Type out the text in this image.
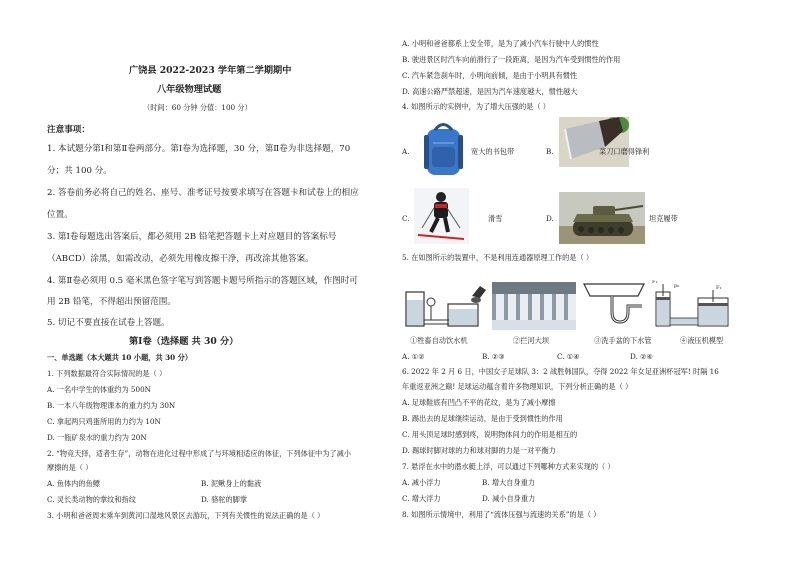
广饶县 2022-2023 学年第二学期期中
八年级物理试题
（时间：60 分钟 分值：100 分）
注意事项：
1. 本试题分第Ⅰ和第Ⅱ卷两部分。第Ⅰ卷为选择题，30 分，第Ⅱ卷为非选择题，70
分；共 100 分。
2. 答卷前务必将自己的姓名、座号、准考证号按要求填写在答题卡和试卷上的相应
位置。
3. 第Ⅰ卷每题选出答案后，都必须用 2B 铅笔把答题卡上对应题目的答案标号
（ABCD）涂黑，如需改动，必须先用橡皮擦干净，再改涂其他答案。
4. 第Ⅱ卷必须用 0.5 毫米黑色签字笔写到答题卡题号所指示的答题区域，作图时可
用 2B 铅笔，不得超出预留范围。
5. 切记不要直接在试卷上答题。
第Ⅰ卷（选择题 共 30 分）
一、单选题（本大题共 10 小题，共 30 分）
1. 下列数据最符合实际情况的是（ ）
A. 一名中学生的体重约为 500N
B. 一本八年级物理课本的重力约为 30N
C. 拿起两只鸡蛋所用的力约为 10N
D. 一瓶矿泉水的重力约为 20N
2. “物竞天择，适者生存”，动物在进化过程中形成了与环境相适应的体征，下列体征中为了减小
摩擦的是（ ）
A. 鱼体内的鱼鳔	B. 泥鳅身上的黏液
C. 灵长类动物的掌纹和指纹	D. 骆驼的脚掌
3. 小明和爸爸周末乘车到黄河口湿地风景区去游玩，下列有关惯性的说法正确的是（ ）
A. 小明和爸爸都系上安全带，是为了减小汽车行驶中人的惯性
B. 驶进景区时汽车向前滑行了一段距离，是因为汽车受到惯性的作用
C. 汽车紧急刹车时，小明向前倾，是由于小明具有惯性
D. 高速公路严禁超速，是因为汽车速度越大，惯性越大
4. 如图所示的实例中，为了增大压强的是（ ）
A.	宽大的书包带	B.	菜刀口磨得锋利
C.	滑雪	D.	坦克履带
5. 在如图所示的装置中，不是利用连通器原理工作的是（ ）
F₁
F₂
p₀
①牲畜自动饮水机	②拦河大坝	③洗手盆的下水管	④液压机模型
A. ①②	B. ②③	C. ①④	D. ②④
6. 2022 年 2 月 6 日，中国女子足球队 3：2 战胜韩国队，夺得 2022 年女足亚洲杯冠军! 时隔 16
年重返亚洲之巅! 足球运动蕴含着许多物理知识，下列分析正确的是（ ）
A. 足球鞋底有凹凸不平的花纹，是为了减小摩擦
B. 踢出去的足球继续运动，是由于受到惯性的作用
C. 用头顶足球时感到疼，说明物体间力的作用是相互的
D. 踢球时脚对球的力和球对脚的力是一对平衡力
7. 悬浮在水中的潜水艇上浮，可以通过下列哪种方式来实现的（ ）
A. 减小浮力	B. 增大自身重力
C. 增大浮力	D. 减小自身重力
8. 如图所示情境中，利用了“流体压强与流速的关系”的是（ ）
